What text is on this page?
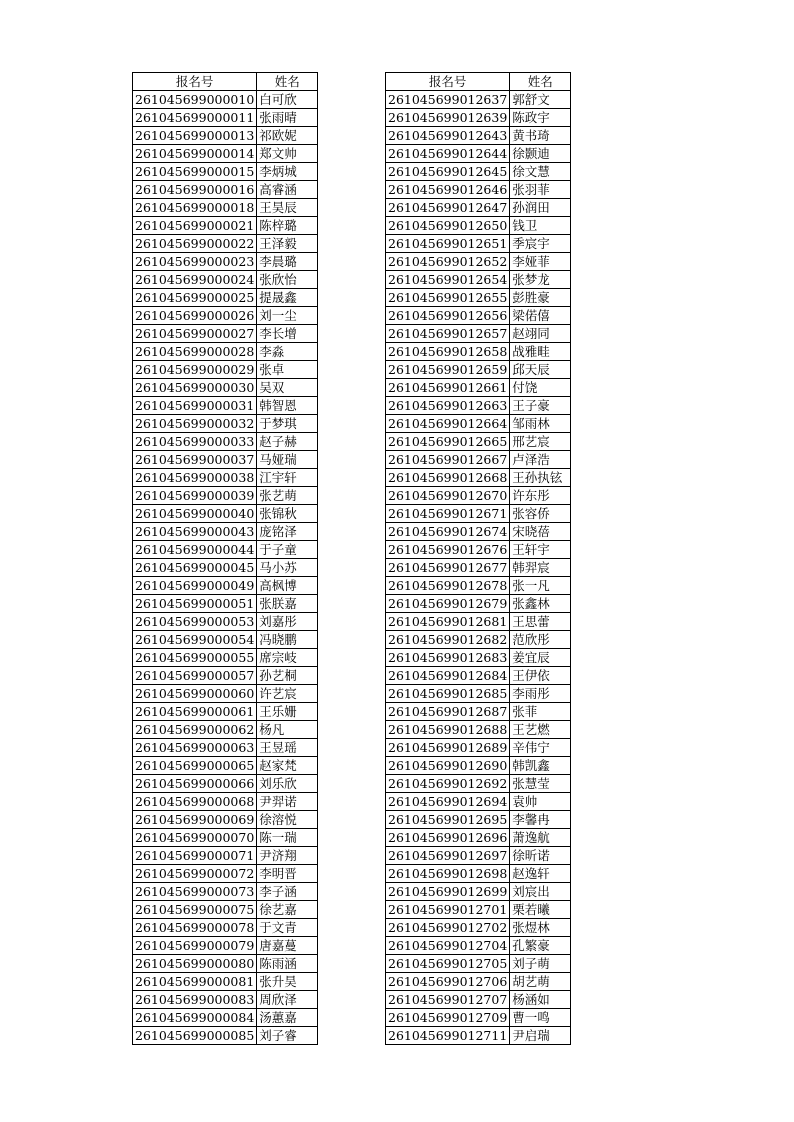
报名号	姓名
261045699000010	白可欣
261045699000011	张雨晴
261045699000013	祁欧妮
261045699000014	郑文帅
261045699000015	李炳城
261045699000016	高睿涵
261045699000018	王昊辰
261045699000021	陈梓璐
261045699000022	王泽毅
261045699000023	李晨璐
261045699000024	张欣怡
261045699000025	提晟鑫
261045699000026	刘一尘
261045699000027	李长增
261045699000028	李淼
261045699000029	张卓
261045699000030	吴双
261045699000031	韩智恩
261045699000032	于梦琪
261045699000033	赵子赫
261045699000037	马娅瑞
261045699000038	江宇轩
261045699000039	张艺萌
261045699000040	张锦秋
261045699000043	庞铭泽
261045699000044	于子童
261045699000045	马小苏
261045699000049	高枫博
261045699000051	张朕嘉
261045699000053	刘嘉彤
261045699000054	冯晓鹏
261045699000055	席宗岐
261045699000057	孙艺桐
261045699000060	许艺宸
261045699000061	王乐姗
261045699000062	杨凡
261045699000063	王昱瑶
261045699000065	赵家梵
261045699000066	刘乐欣
261045699000068	尹羿诺
261045699000069	徐溶悦
261045699000070	陈一瑞
261045699000071	尹济翔
261045699000072	李明晋
261045699000073	李子涵
261045699000075	徐艺嘉
261045699000078	于文青
261045699000079	唐嘉蔓
261045699000080	陈雨涵
261045699000081	张升昊
261045699000083	周欣泽
261045699000084	汤蕙嘉
261045699000085	刘子睿
报名号	姓名
261045699012637	郭舒文
261045699012639	陈政宇
261045699012643	黄书琦
261045699012644	徐颢迪
261045699012645	徐文慧
261045699012646	张羽菲
261045699012647	孙润田
261045699012650	钱卫
261045699012651	季宸宇
261045699012652	李娅菲
261045699012654	张梦龙
261045699012655	彭胜豪
261045699012656	梁偌僖
261045699012657	赵翊同
261045699012658	战雅畦
261045699012659	邱天辰
261045699012661	付饶
261045699012663	王子豪
261045699012664	邹雨林
261045699012665	邢艺宸
261045699012667	卢泽浩
261045699012668	王孙执铉
261045699012670	许东彤
261045699012671	张容侨
261045699012674	宋晓蓓
261045699012676	王轩宇
261045699012677	韩羿宸
261045699012678	张一凡
261045699012679	张鑫林
261045699012681	王思蕾
261045699012682	范欣彤
261045699012683	姜宜辰
261045699012684	王伊依
261045699012685	李雨彤
261045699012687	张菲
261045699012688	王艺燃
261045699012689	辛伟宁
261045699012690	韩凯鑫
261045699012692	张慧莹
261045699012694	袁帅
261045699012695	李馨冉
261045699012696	萧逸航
261045699012697	徐昕诺
261045699012698	赵逸轩
261045699012699	刘宸出
261045699012701	栗若曦
261045699012702	张煜林
261045699012704	孔繁豪
261045699012705	刘子萌
261045699012706	胡艺萌
261045699012707	杨涵如
261045699012709	曹一鸣
261045699012711	尹启瑞
